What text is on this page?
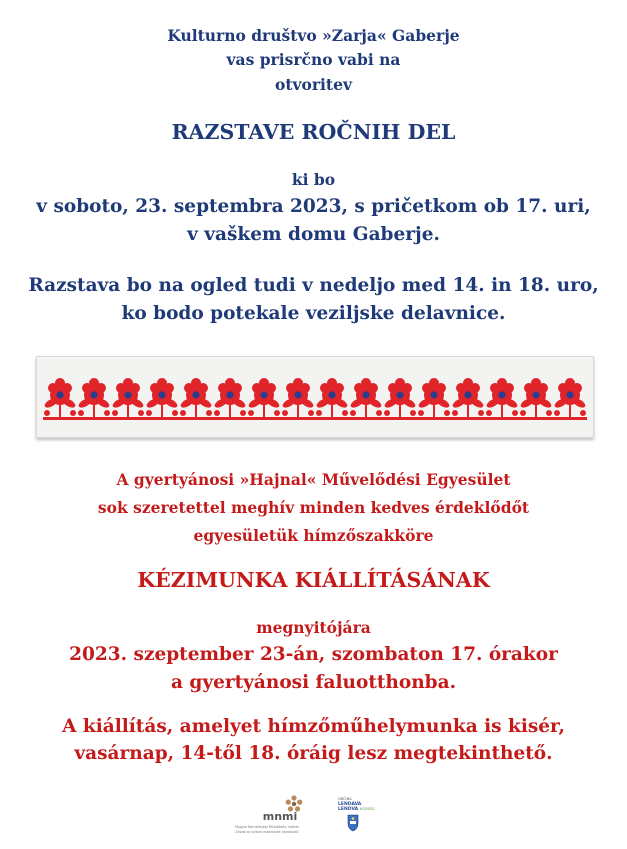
Kulturno društvo »Zarja« Gaberje
vas prisrčno vabi na
otvoritev
RAZSTAVE ROČNIH DEL
ki bo
v soboto, 23. septembra 2023, s pričetkom ob 17. uri,
v vaškem domu Gaberje.
Razstava bo na ogled tudi v nedeljo med 14. in 18. uro,
ko bodo potekale veziljske delavnice.
A gyertyánosi »Hajnal« Művelődési Egyesület
sok szeretettel meghív minden kedves érdeklődőt
egyesületük hímzőszakköre
KÉZIMUNKA KIÁLLÍTÁSÁNAK
megnyitójára
2023. szeptember 23-án, szombaton 17. órakor
a gyertyánosi faluotthonba.
A kiállítás, amelyet hímzőműhelymunka is kisér,
vasárnap, 14-től 18. óráig lesz megtekinthető.
mnmi
Magyar Nemzetiségi Művelődési Intézet
Zavod za kulturo madžarske narodnosti
OBČINA
LENDAVA
LENDVA KÖZSÉG
